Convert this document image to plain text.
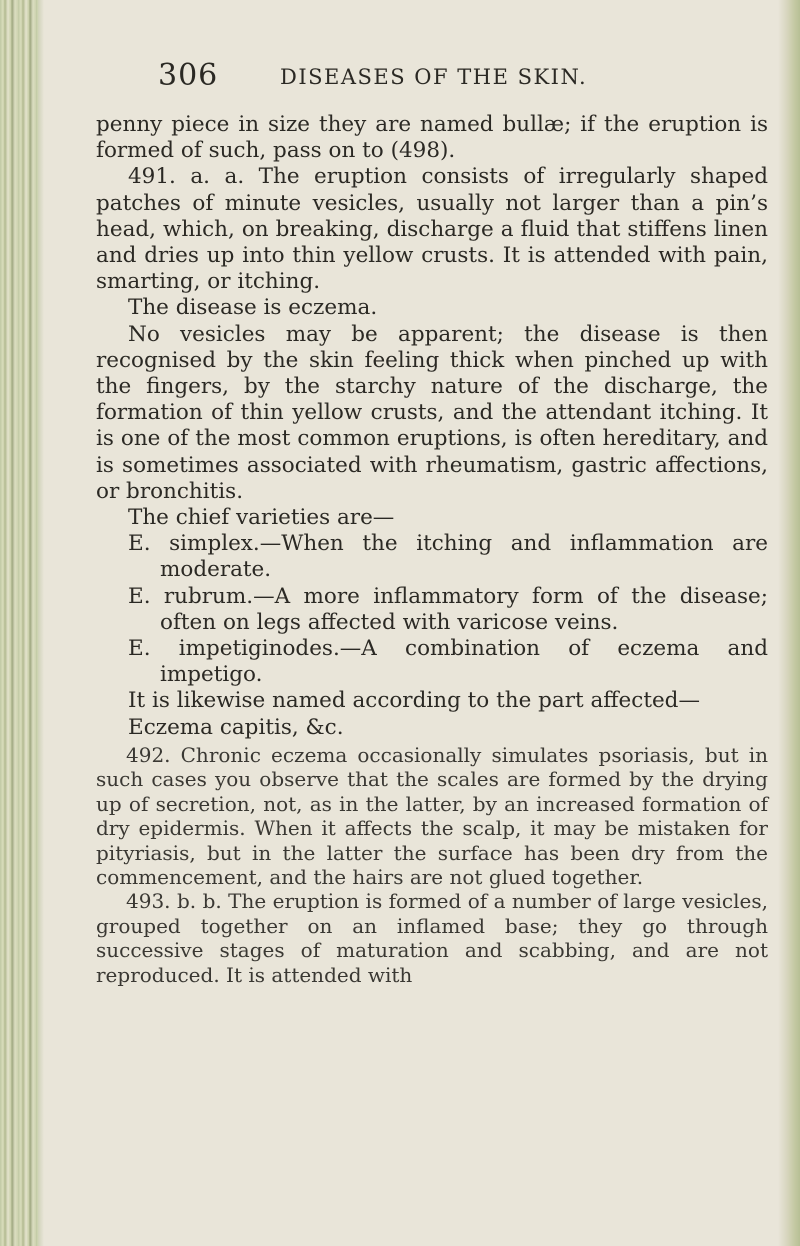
306	DISEASES OF THE SKIN.

penny piece in size they are named bullæ; if the eruption is formed of such, pass on to (498).

491. a. a. The eruption consists of irregularly shaped patches of minute vesicles, usually not larger than a pin’s head, which, on breaking, discharge a fluid that stiffens linen and dries up into thin yellow crusts. It is attended with pain, smarting, or itching.

The disease is eczema.

No vesicles may be apparent; the disease is then recognised by the skin feeling thick when pinched up with the fingers, by the starchy nature of the discharge, the formation of thin yellow crusts, and the attendant itching. It is one of the most common eruptions, is often hereditary, and is sometimes associated with rheumatism, gastric affections, or bronchitis.

The chief varieties are—

E. simplex.—When the itching and inflammation are moderate.

E. rubrum.—A more inflammatory form of the disease; often on legs affected with varicose veins.

E. impetiginodes.—A combination of eczema and impetigo.

It is likewise named according to the part affected—

Eczema capitis, &c.

492. Chronic eczema occasionally simulates psoriasis, but in such cases you observe that the scales are formed by the drying up of secretion, not, as in the latter, by an increased formation of dry epidermis. When it affects the scalp, it may be mistaken for pityriasis, but in the latter the surface has been dry from the commencement, and the hairs are not glued together.

493. b. b. The eruption is formed of a number of large vesicles, grouped together on an inflamed base; they go through successive stages of maturation and scabbing, and are not reproduced. It is attended with
